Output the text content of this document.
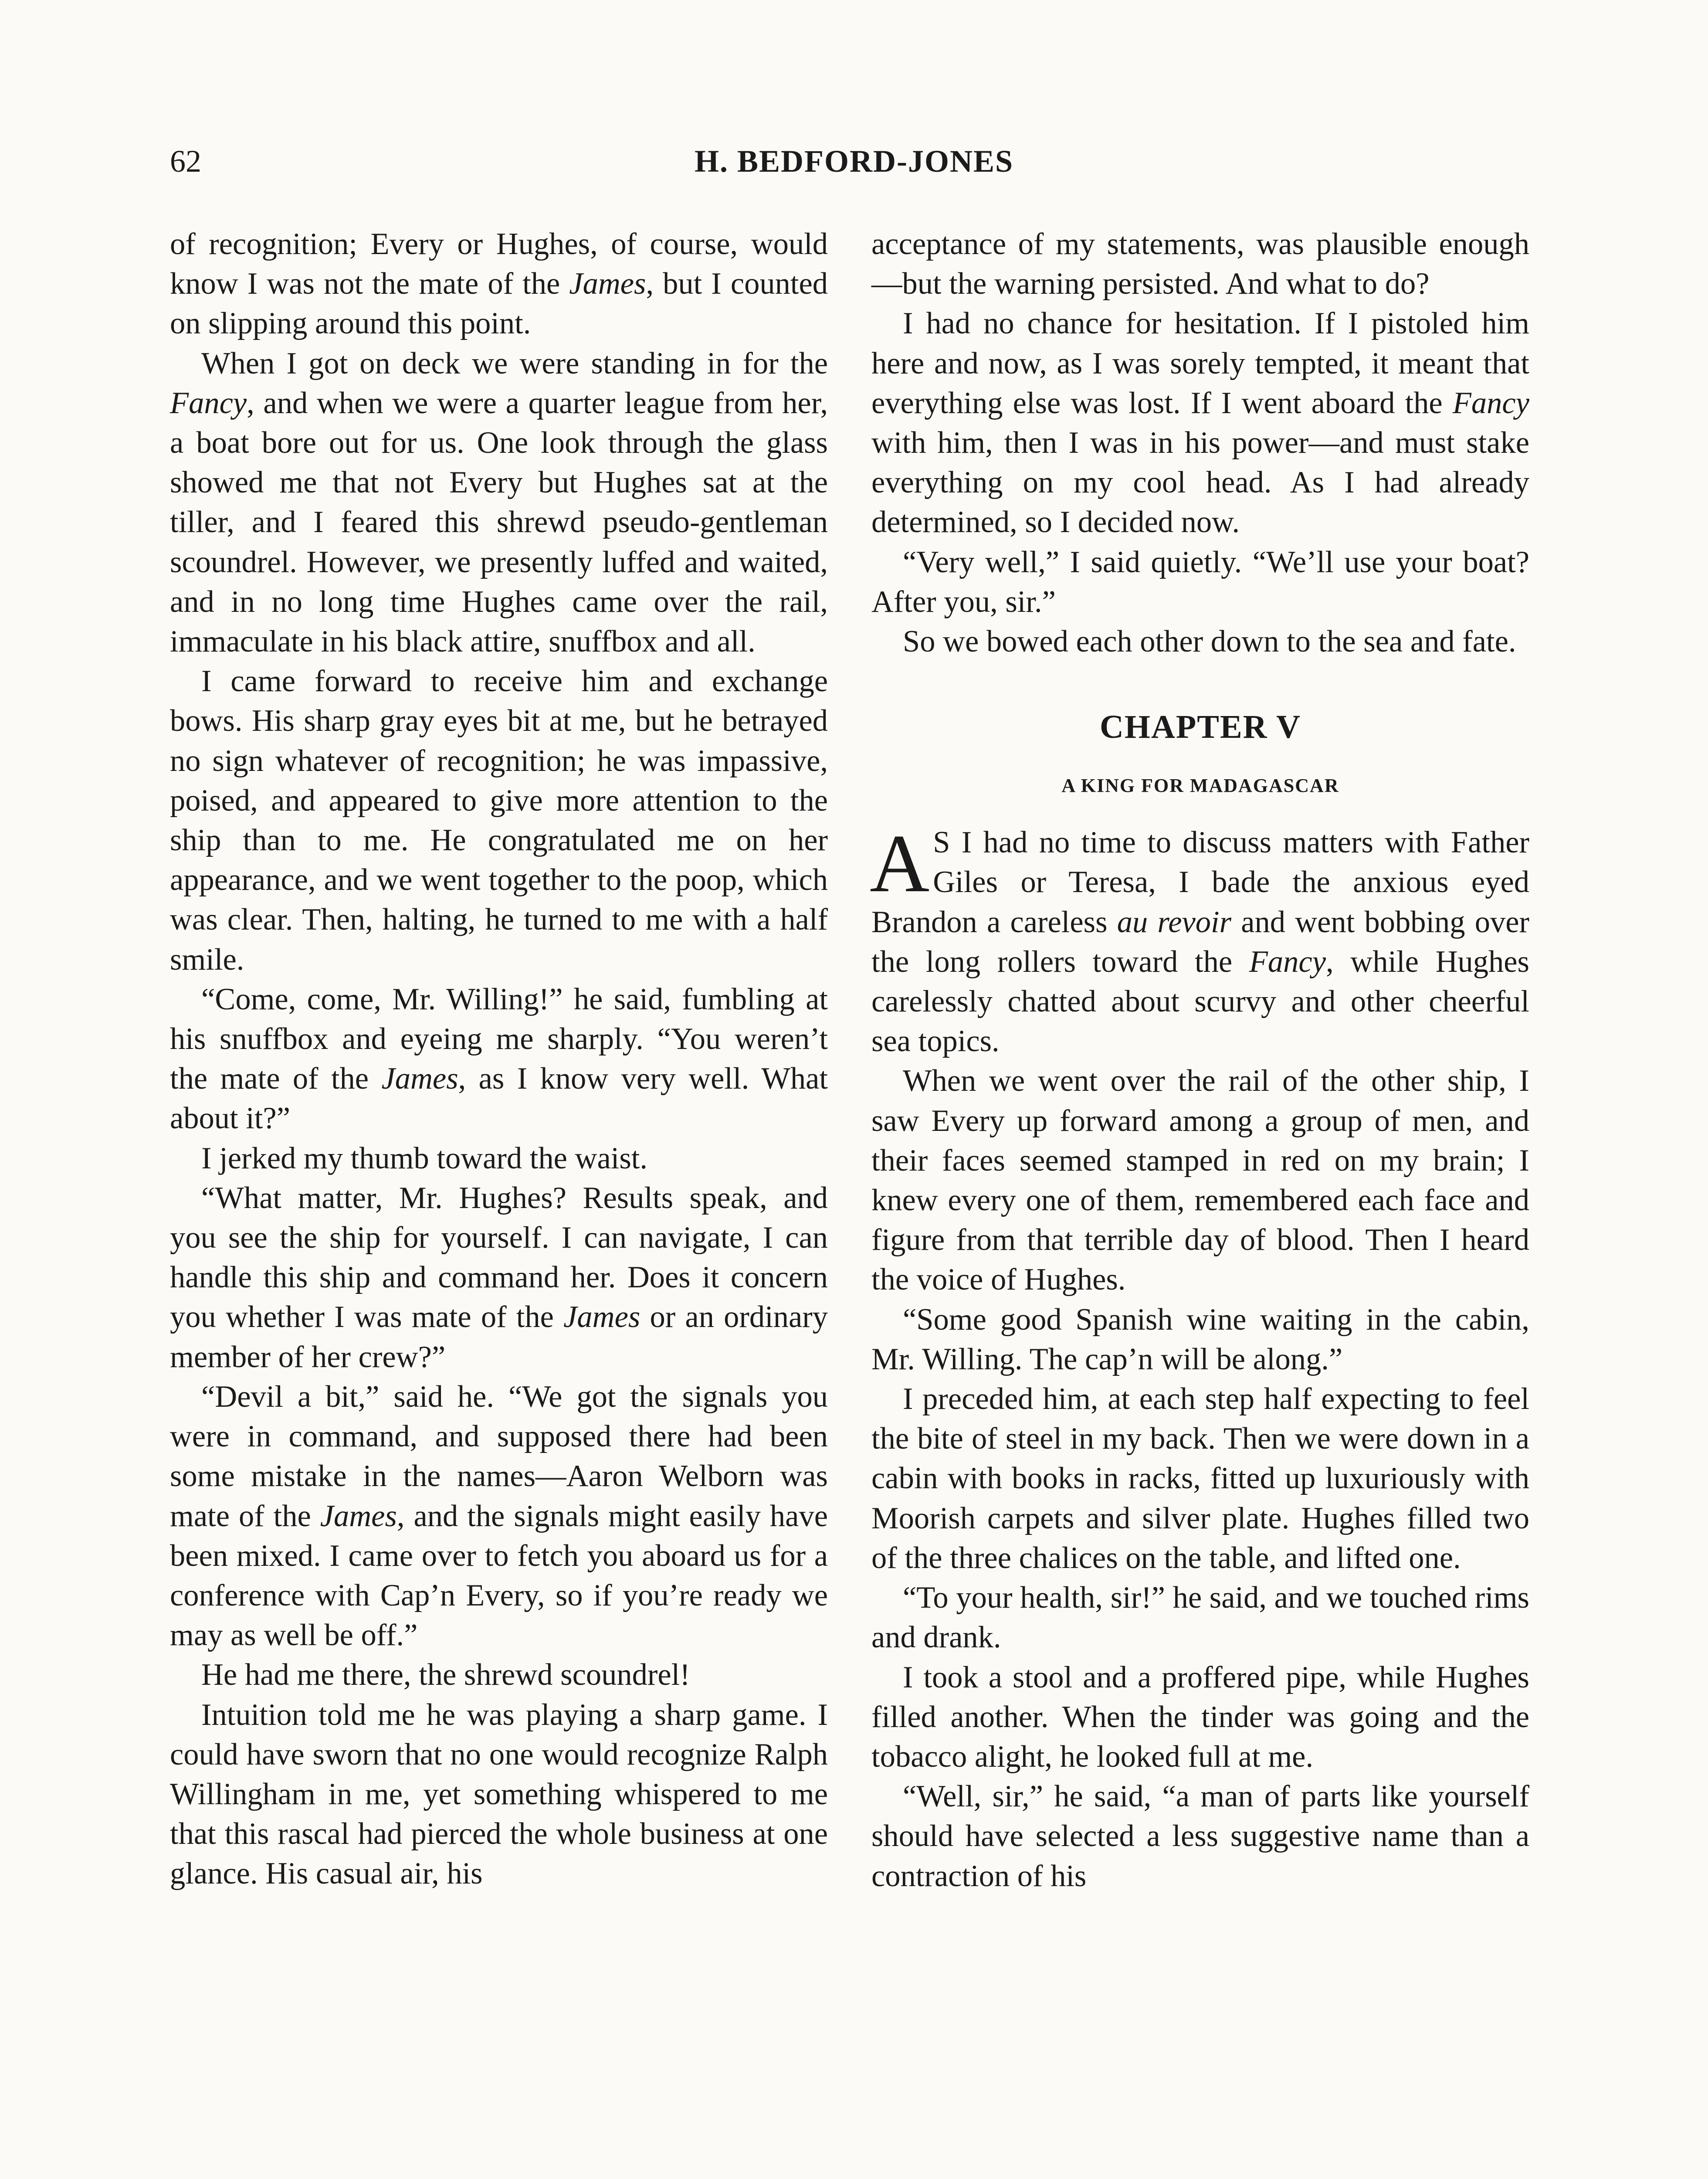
62	H. BEDFORD-JONES

of recognition; Every or Hughes, of course, would know I was not the mate of the James, but I counted on slipping around this point.

When I got on deck we were standing in for the Fancy, and when we were a quarter league from her, a boat bore out for us. One look through the glass showed me that not Every but Hughes sat at the tiller, and I feared this shrewd pseudo-gentleman scoundrel. However, we presently luffed and waited, and in no long time Hughes came over the rail, immaculate in his black attire, snuffbox and all.

I came forward to receive him and exchange bows. His sharp gray eyes bit at me, but he betrayed no sign whatever of recognition; he was impassive, poised, and appeared to give more attention to the ship than to me. He congratulated me on her appearance, and we went together to the poop, which was clear. Then, halting, he turned to me with a half smile.

“Come, come, Mr. Willing!” he said, fumbling at his snuffbox and eyeing me sharply. “You weren’t the mate of the James, as I know very well. What about it?”

I jerked my thumb toward the waist.

“What matter, Mr. Hughes? Results speak, and you see the ship for yourself. I can navigate, I can handle this ship and command her. Does it concern you whether I was mate of the James or an ordinary member of her crew?”

“Devil a bit,” said he. “We got the signals you were in command, and supposed there had been some mistake in the names—Aaron Welborn was mate of the James, and the signals might easily have been mixed. I came over to fetch you aboard us for a conference with Cap’n Every, so if you’re ready we may as well be off.”

He had me there, the shrewd scoundrel!

Intuition told me he was playing a sharp game. I could have sworn that no one would recognize Ralph Willingham in me, yet something whispered to me that this rascal had pierced the whole business at one glance. His casual air, his

acceptance of my statements, was plausible enough—but the warning persisted. And what to do?

I had no chance for hesitation. If I pistoled him here and now, as I was sorely tempted, it meant that everything else was lost. If I went aboard the Fancy with him, then I was in his power—and must stake everything on my cool head. As I had already determined, so I decided now.

“Very well,” I said quietly. “We’ll use your boat? After you, sir.”

So we bowed each other down to the sea and fate.

CHAPTER V
A KING FOR MADAGASCAR

A S I had no time to discuss matters with Father Giles or Teresa, I bade the anxious eyed Brandon a careless au revoir and went bobbing over the long rollers toward the Fancy, while Hughes carelessly chatted about scurvy and other cheerful sea topics.

When we went over the rail of the other ship, I saw Every up forward among a group of men, and their faces seemed stamped in red on my brain; I knew every one of them, remembered each face and figure from that terrible day of blood. Then I heard the voice of Hughes.

“Some good Spanish wine waiting in the cabin, Mr. Willing. The cap’n will be along.”

I preceded him, at each step half expecting to feel the bite of steel in my back. Then we were down in a cabin with books in racks, fitted up luxuriously with Moorish carpets and silver plate. Hughes filled two of the three chalices on the table, and lifted one.

“To your health, sir!” he said, and we touched rims and drank.

I took a stool and a proffered pipe, while Hughes filled another. When the tinder was going and the tobacco alight, he looked full at me.

“Well, sir,” he said, “a man of parts like yourself should have selected a less suggestive name than a contraction of his
